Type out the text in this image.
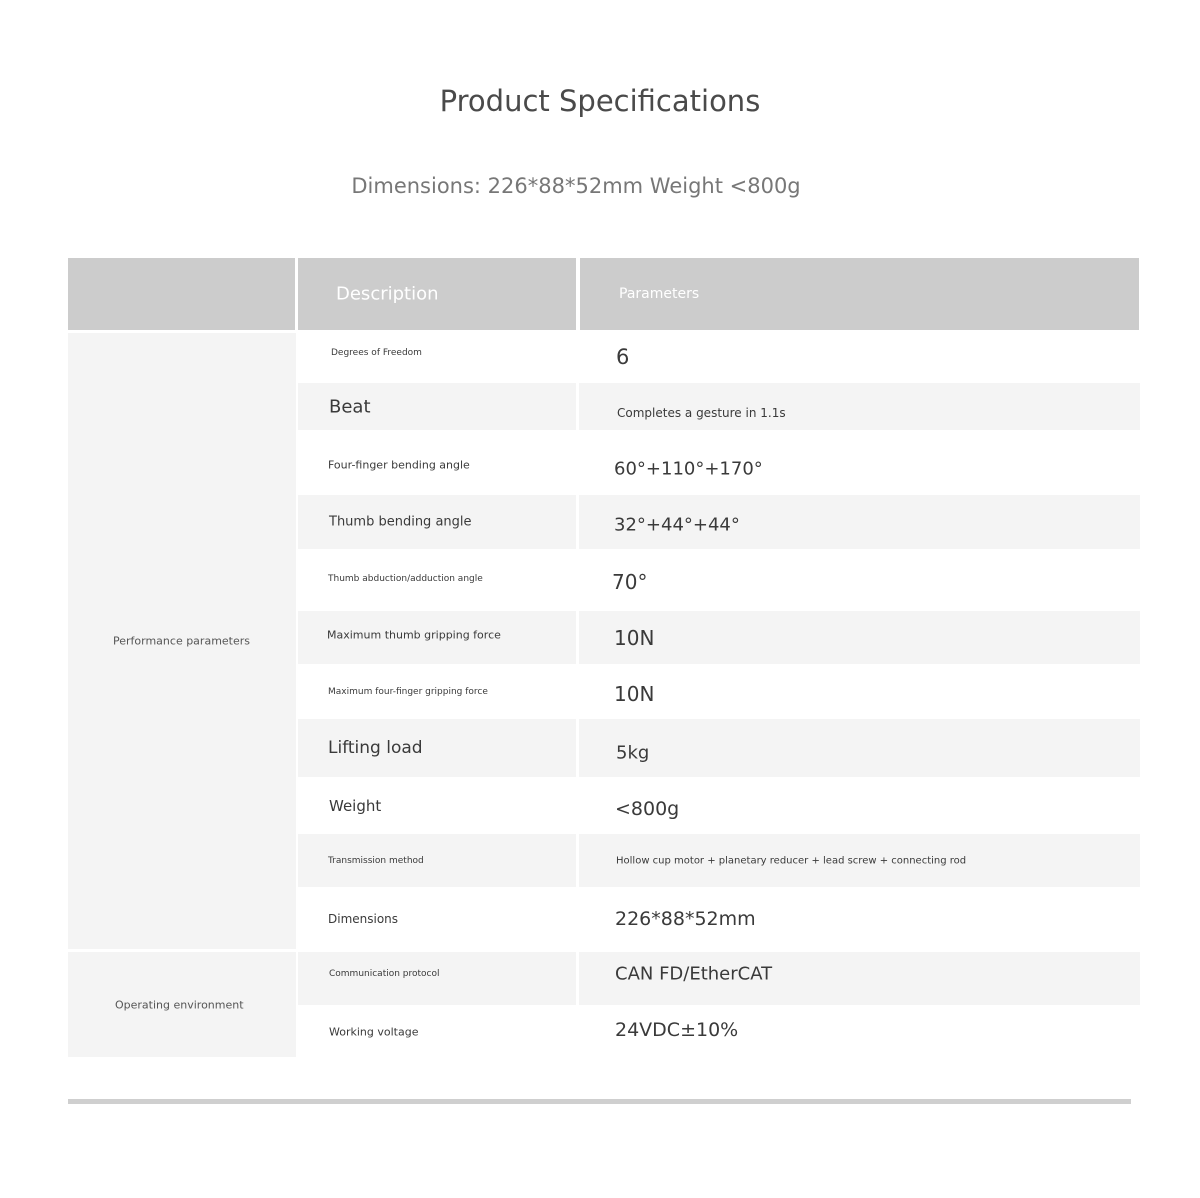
Product Specifications
Dimensions: 226*88*52mm Weight <800g
Description	Parameters
Performance parameters
Operating environment
Degrees of Freedom	6
Beat	Completes a gesture in 1.1s
Four-finger bending angle	60°+110°+170°
Thumb bending angle	32°+44°+44°
Thumb abduction/adduction angle	70°
Maximum thumb gripping force	10N
Maximum four-finger gripping force	10N
Lifting load	5kg
Weight	<800g
Transmission method	Hollow cup motor + planetary reducer + lead screw + connecting rod
Dimensions	226*88*52mm
Communication protocol	CAN FD/EtherCAT
Working voltage	24VDC±10%
